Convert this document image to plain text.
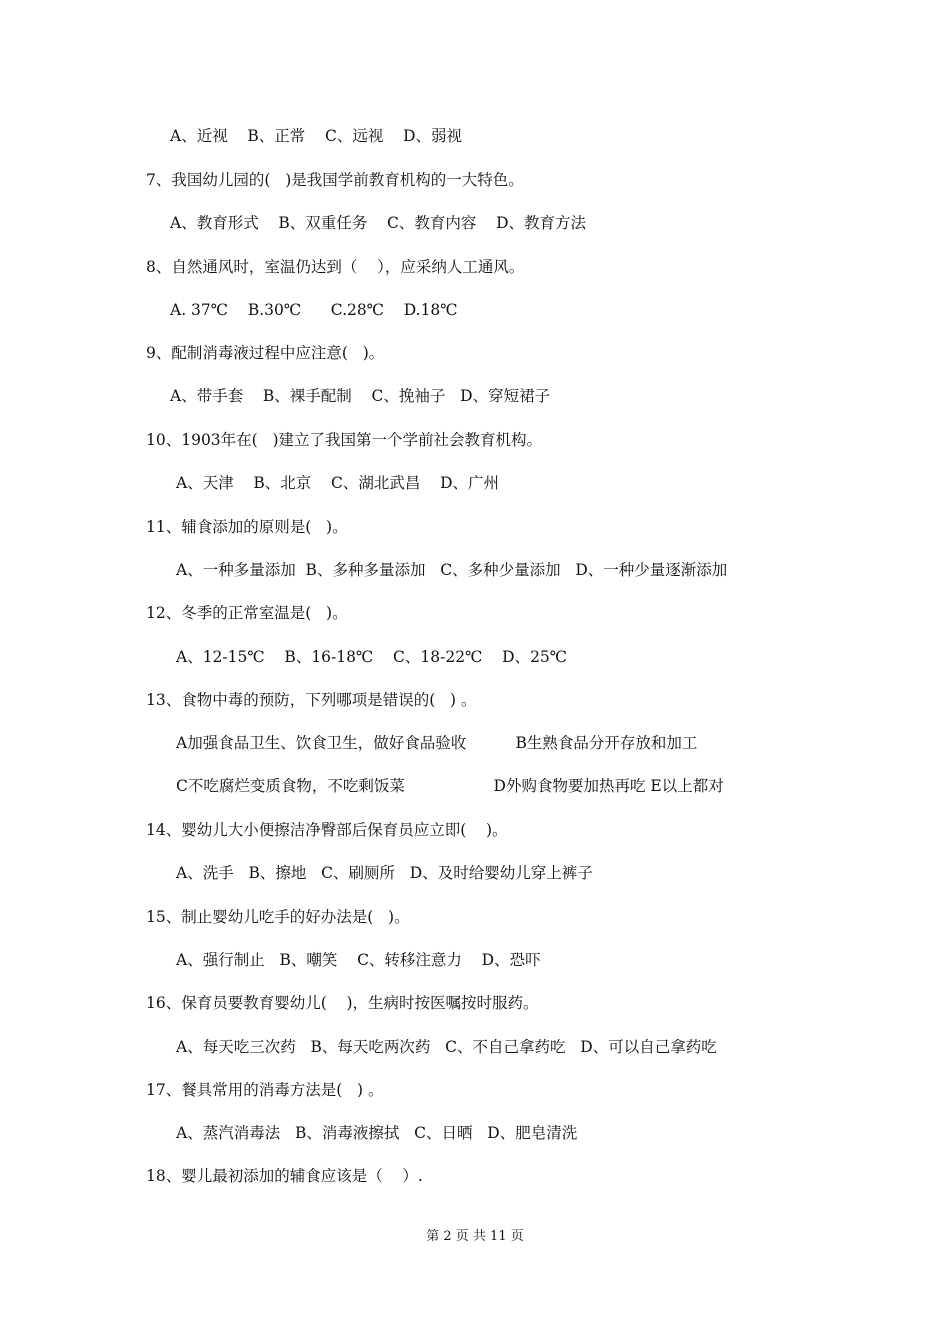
A、近视    B、正常    C、远视    D、弱视

7、我国幼儿园的(   )是我国学前教育机构的一大特色。

A、教育形式    B、双重任务    C、教育内容    D、教育方法

8、自然通风时，室温仍达到（    ），应采纳人工通风。

A. 37℃    B.30℃      C.28℃    D.18℃

9、配制消毒液过程中应注意(   )。

A、带手套    B、裸手配制    C、挽袖子   D、穿短裙子

10、1903年在(   )建立了我国第一个学前社会教育机构。

A、天津    B、北京    C、湖北武昌    D、广州

11、辅食添加的原则是(   )。

A、一种多量添加  B、多种多量添加   C、多种少量添加   D、一种少量逐渐添加

12、冬季的正常室温是(   )。

A、12-15℃    B、16-18℃    C、18-22℃    D、25℃

13、食物中毒的预防，下列哪项是错误的(   ) 。

A加强食品卫生、饮食卫生，做好食品验收          B生熟食品分开存放和加工

C不吃腐烂变质食物，不吃剩饭菜                  D外购食物要加热再吃 E以上都对

14、婴幼儿大小便擦洁净臀部后保育员应立即(    )。

A、洗手   B、擦地   C、刷厕所   D、及时给婴幼儿穿上裤子

15、制止婴幼儿吃手的好办法是(   )。

A、强行制止   B、嘲笑    C、转移注意力    D、恐吓

16、保育员要教育婴幼儿(    )，生病时按医嘱按时服药。

A、每天吃三次药   B、每天吃两次药   C、不自己拿药吃   D、可以自己拿药吃

17、餐具常用的消毒方法是(   ) 。

A、蒸汽消毒法   B、消毒液擦拭   C、日晒   D、肥皂清洗

18、婴儿最初添加的辅食应该是（    ）.

第 2 页 共 11 页
